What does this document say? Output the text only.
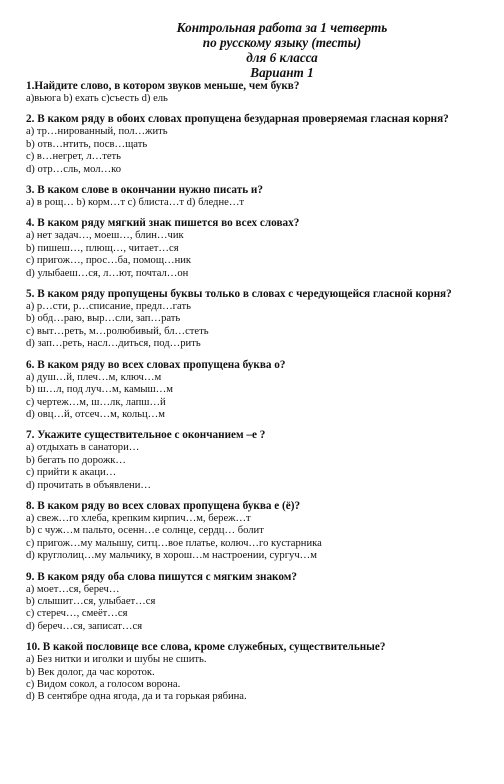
Контрольная работа за 1 четверть
по русскому языку (тесты)
для 6 класса
Вариант 1
1.Найдите слово, в котором звуков меньше, чем букв?
а)вьюга b) ехать c)съесть d) ель
2. В каком ряду в обоих словах пропущена безударная проверяемая гласная корня?
а) тр…нированный, пол…жить
b) отв…нтить, посв…щать
c) в…негрет, л…теть
d) отр…сль, мол…ко
3. В каком слове в окончании нужно писать и?
а) в рощ… b) корм…т c) блиста…т d) бледне…т
4. В каком ряду мягкий знак пишется во всех словах?
а) нет задач…, моеш…, блин…чик
b) пишеш…, плющ…, читает…ся
c) пригож…, прос…ба, помощ…ник
d) улыбаеш…ся, л…ют, почтал…он
5. В каком ряду пропущены буквы только в словах с чередующейся гласной корня?
а) р…сти, р…списание, предл…гать
b) обд…раю, выр…сли, зап…рать
c) выт…реть, м…ролюбивый, бл…стеть
d) зап…реть, насл…диться, под…рить
6. В каком ряду во всех словах пропущена буква о?
а) душ…й, плеч…м, ключ…м
b) ш…л, под луч…м, камыш…м
c) чертеж…м, ш…лк, лапш…й
d) овц…й, отсеч…м, кольц…м
7. Укажите существительное с окончанием –е ?
а) отдыхать в санатори…
b) бегать по дорожк…
c) прийти к акаци…
d) прочитать в объявлени…
8. В каком ряду во всех словах пропущена буква е (ё)?
а) свеж…го хлеба, крепким кирпич…м, береж…т
b) с чуж…м пальто, осенн…е солнце, сердц… болит
c) пригож…му малышу, ситц…вое платье, колюч…го кустарника
d) круглолиц…му мальчику, в хорош…м настроении, сургуч…м
9. В каком ряду оба слова пишутся с мягким знаком?
а) моет…ся, береч…
b) слышит…ся, улыбает…ся
c) стереч…, смеёт…ся
d) береч…ся, записат…ся
10. В какой пословице все слова, кроме служебных, существительные?
а) Без нитки и иголки и шубы не сшить.
b) Век долог, да час короток.
c) Видом сокол, а голосом ворона.
d) В сентябре одна ягода, да и та горькая рябина.
